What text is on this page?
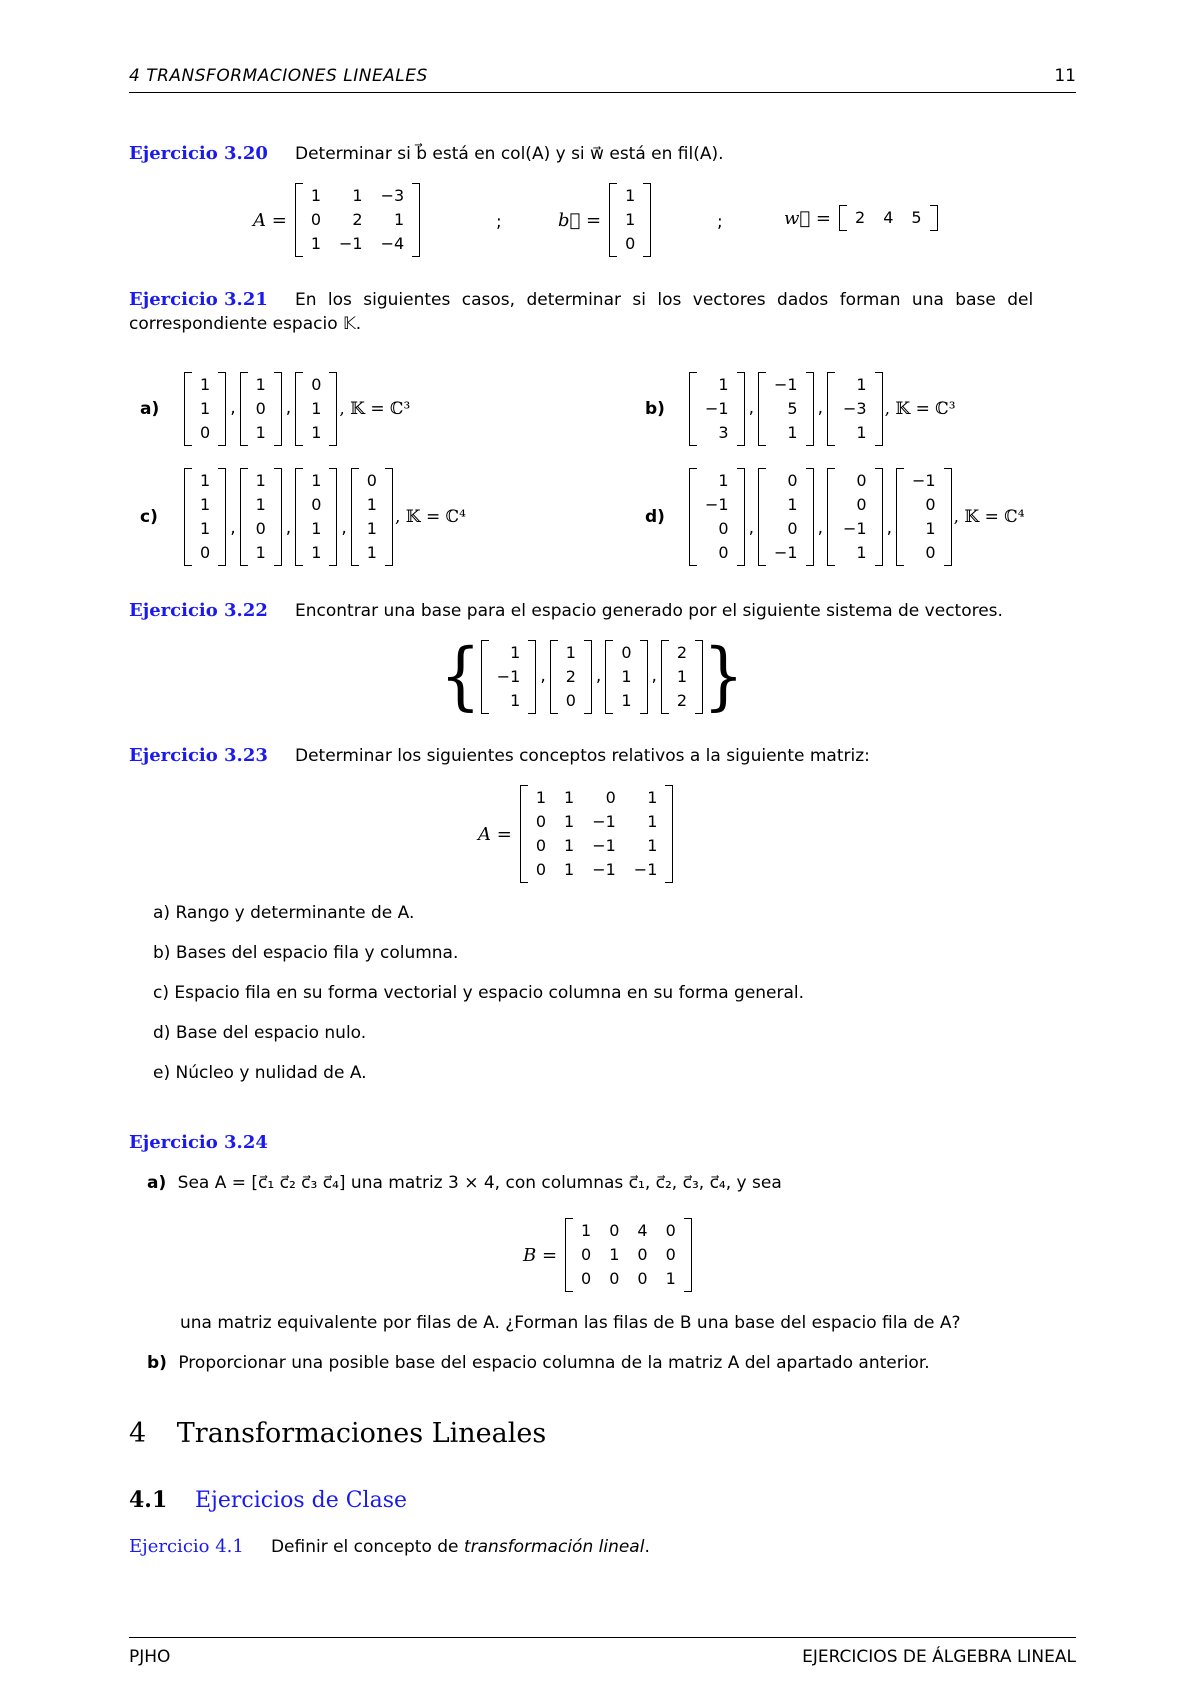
4 TRANSFORMACIONES LINEALES	11
Ejercicio 3.20 Determinar si b⃗ está en col(A) y si w⃗ está en fil(A).
A =
1	1 −3
0	2	1
1 −1 −4
;	b⃗ =
1
1
0
;	w⃗ =	2 4 5
Ejercicio 3.21 En los siguientes casos, determinar si los vectores dados forman una base del
correspondiente espacio 𝕂.
a)
1
1
0
,
1
0
1
,
0
1
1
, 𝕂 = ℂ³	b)
1
−1
3
,
−1
5
1
,
1
−3
1
, 𝕂 = ℂ³
c)
1
1
1
0
,
1
1
0
1
,
1
0
1
1
,
0
1
1
1
, 𝕂 = ℂ⁴	d)
1
−1
0
0
,
0
1
0
−1
,
0
0
−1
1
,
−1
0
1
0
, 𝕂 = ℂ⁴
Ejercicio 3.22 Encontrar una base para el espacio generado por el siguiente sistema de vectores.
{	1
−1
1
,
1
2
0
,
0
1
1
,
2
1
2 }
Ejercicio 3.23 Determinar los siguientes conceptos relativos a la siguiente matriz:
A =
1 1	0	1
0 1 −1	1
0 1 −1	1
0 1 −1 −1
a) Rango y determinante de A.
b) Bases del espacio fila y columna.
c) Espacio fila en su forma vectorial y espacio columna en su forma general.
d) Base del espacio nulo.
e) Núcleo y nulidad de A.
Ejercicio 3.24
a) Sea A = [c⃗₁ c⃗₂ c⃗₃ c⃗₄] una matriz 3 × 4, con columnas c⃗₁, c⃗₂, c⃗₃, c⃗₄, y sea
B =
1 0 4 0
0 1 0 0
0 0 0 1
una matriz equivalente por filas de A. ¿Forman las filas de B una base del espacio fila de A?
b) Proporcionar una posible base del espacio columna de la matriz A del apartado anterior.
4 Transformaciones Lineales
4.1 Ejercicios de Clase
Ejercicio 4.1 Definir el concepto de transformación lineal.
PJHO	EJERCICIOS DE ÁLGEBRA LINEAL
